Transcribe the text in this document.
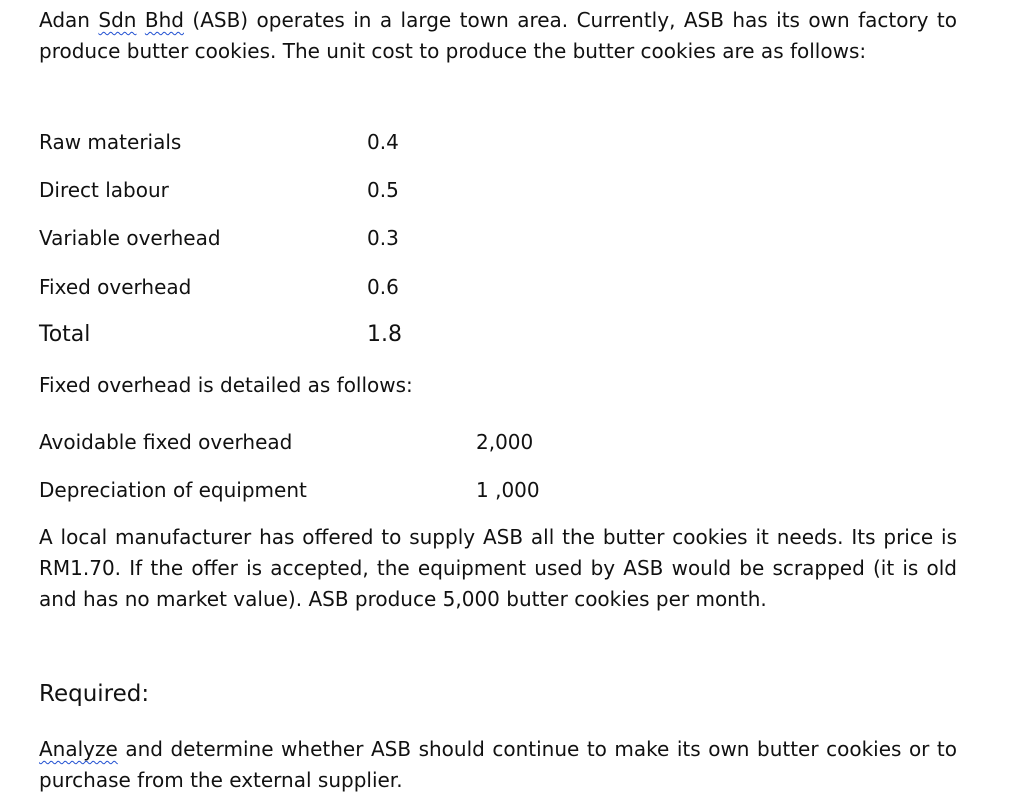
Adan Sdn Bhd (ASB) operates in a large town area. Currently, ASB has its own factory to produce butter cookies. The unit cost to produce the butter cookies are as follows:

Raw materials	0.4
Direct labour	0.5
Variable overhead	0.3
Fixed overhead	0.6
Total	1.8
Fixed overhead is detailed as follows:
Avoidable fixed overhead	2,000
Depreciation of equipment	1 ,000

A local manufacturer has offered to supply ASB all the butter cookies it needs. Its price is RM1.70. If the offer is accepted, the equipment used by ASB would be scrapped (it is old and has no market value). ASB produce 5,000 butter cookies per month.

Required:

Analyze and determine whether ASB should continue to make its own butter cookies or to purchase from the external supplier.
